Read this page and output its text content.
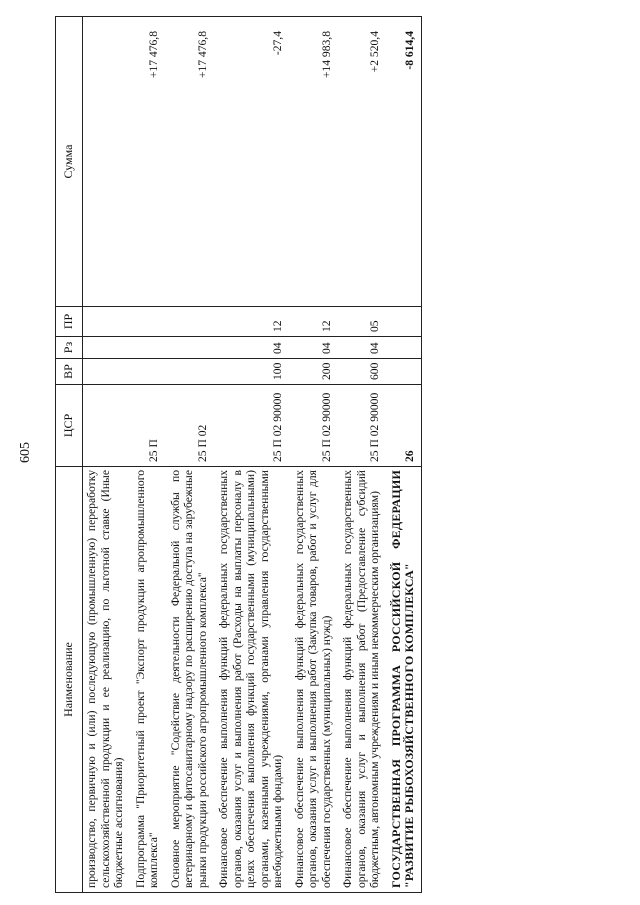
605
Наименование	ЦСР	ВР	Рз	ПР	Сумма
производство, первичную и (или) последующую (промышленную) переработку сельскохозяйственной продукции и ее реализацию, по льготной ставке (Иные бюджетные ассигнования)					
Подпрограмма "Приоритетный проект "Экспорт продукции агропромышленного комплекса"	25 П				+17 476,8
Основное мероприятие "Содействие деятельности Федеральной службы по ветеринарному и фитосанитарному надзору по расширению доступа на зарубежные рынки продукции российского агропромышленного комплекса"	25 П 02				+17 476,8
Финансовое обеспечение выполнения функций федеральных государственных органов, оказания услуг и выполнения работ (Расходы на выплаты персоналу в целях обеспечения выполнения функций государственными (муниципальными) органами, казенными учреждениями, органами управления государственными внебюджетными фондами)	25 П 02 90000	100	04	12	-27,4
Финансовое обеспечение выполнения функций федеральных государственных органов, оказания услуг и выполнения работ (Закупка товаров, работ и услуг для обеспечения государственных (муниципальных) нужд)	25 П 02 90000	200	04	12	+14 983,8
Финансовое обеспечение выполнения функций федеральных государственных органов, оказания услуг и выполнения работ (Предоставление субсидий бюджетным, автономным учреждениям и иным некоммерческим организациям)	25 П 02 90000	600	04	05	+2 520,4
ГОСУДАРСТВЕННАЯ ПРОГРАММА РОССИЙСКОЙ ФЕДЕРАЦИИ "РАЗВИТИЕ РЫБОХОЗЯЙСТВЕННОГО КОМПЛЕКСА"	26				-8 614,4
